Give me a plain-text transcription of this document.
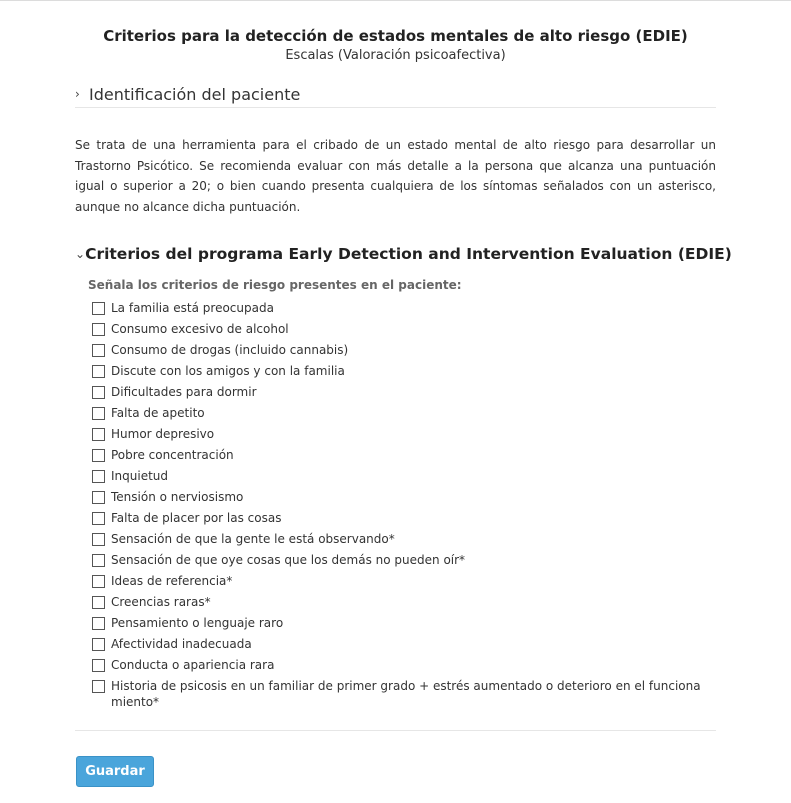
Criterios para la detección de estados mentales de alto riesgo (EDIE)
Escalas (Valoración psicoafectiva)
› Identificación del paciente

Se trata de una herramienta para el cribado de un estado mental de alto riesgo para desarrollar un Trastorno Psicótico. Se recomienda evaluar con más detalle a la persona que alcanza una puntuación igual o superior a 20; o bien cuando presenta cualquiera de los síntomas señalados con un asterisco, aunque no alcance dicha puntuación.

⌄ Criterios del programa Early Detection and Intervention Evaluation (EDIE)
Señala los criterios de riesgo presentes en el paciente:
La familia está preocupada
Consumo excesivo de alcohol
Consumo de drogas (incluido cannabis)
Discute con los amigos y con la familia
Dificultades para dormir
Falta de apetito
Humor depresivo
Pobre concentración
Inquietud
Tensión o nerviosismo
Falta de placer por las cosas
Sensación de que la gente le está observando*
Sensación de que oye cosas que los demás no pueden oír*
Ideas de referencia*
Creencias raras*
Pensamiento o lenguaje raro
Afectividad inadecuada
Conducta o apariencia rara
Historia de psicosis en un familiar de primer grado + estrés aumentado o deterioro en el funciona miento*
Guardar
